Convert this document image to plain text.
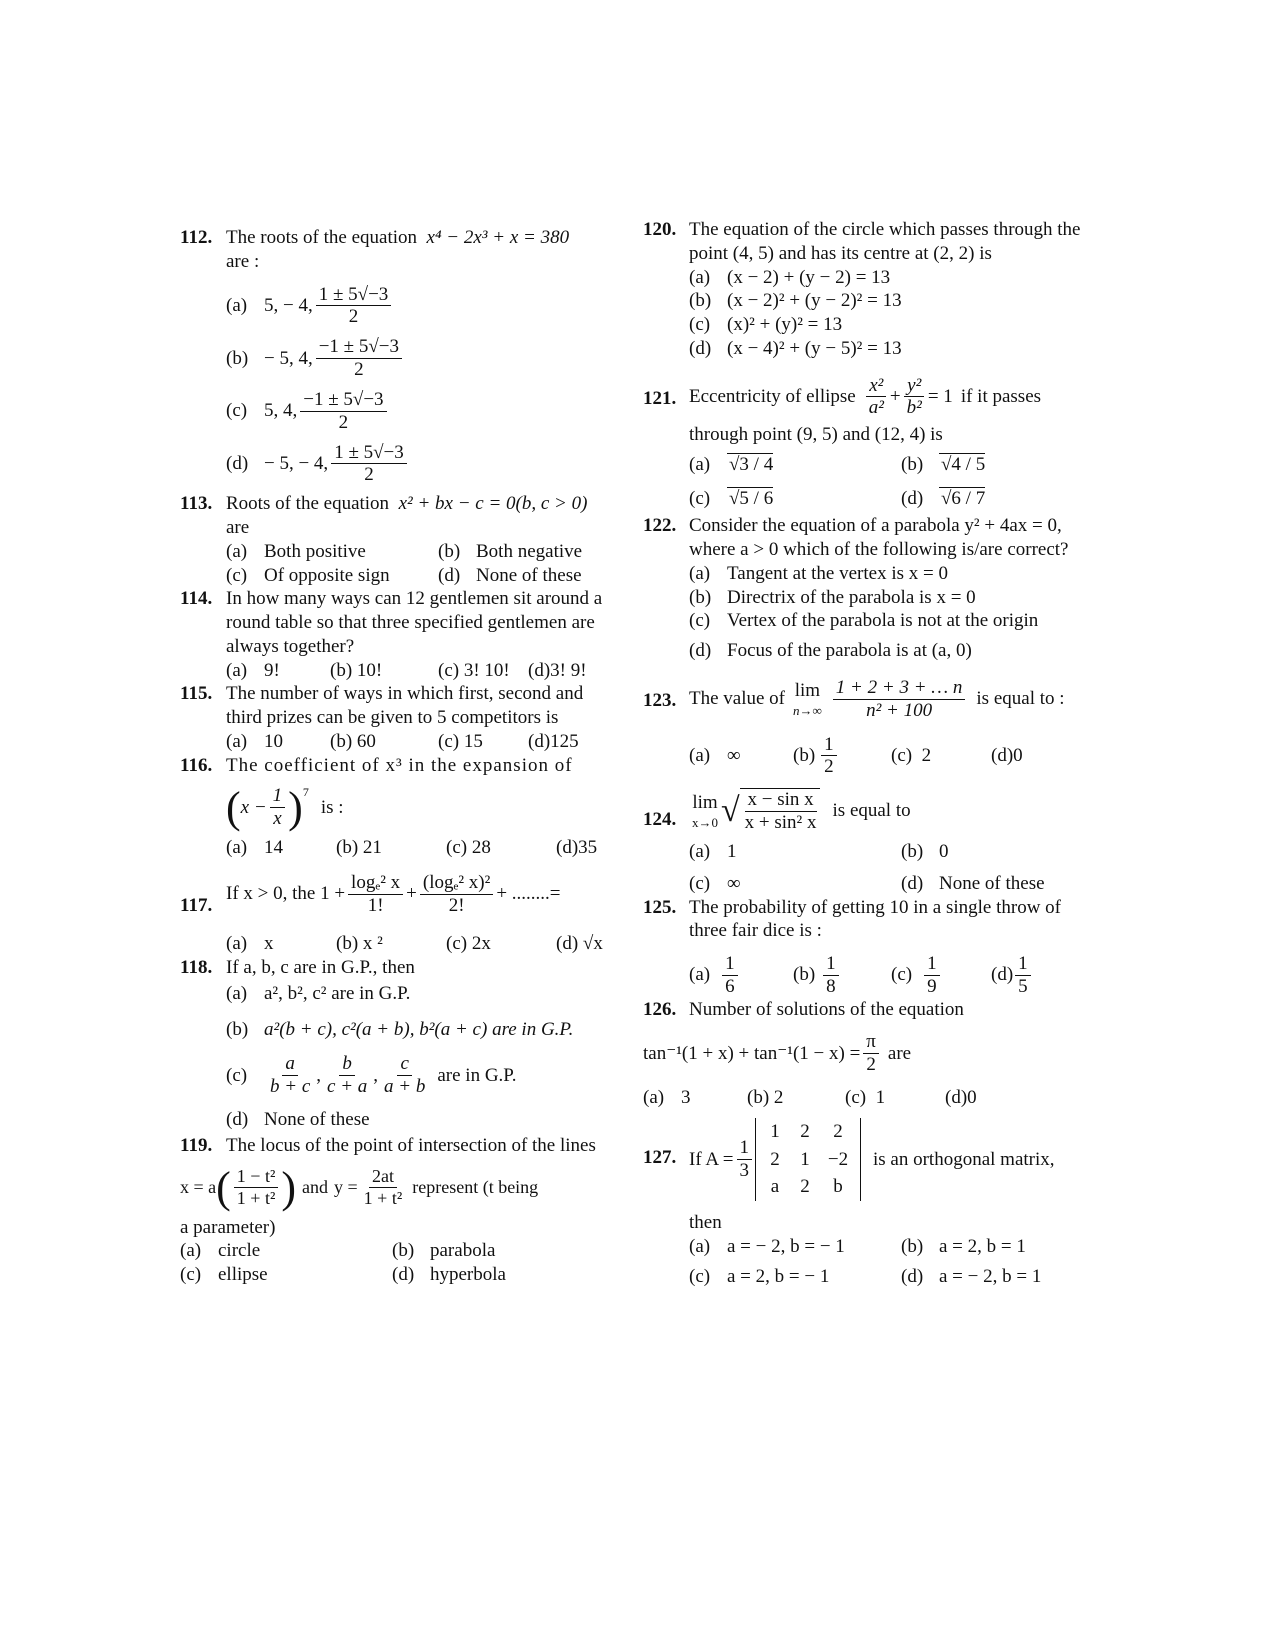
112. The roots of the equation x⁴ − 2x³ + x = 380
are :
(a) 5, − 4, $\frac{1 \pm 5√-3}{2}$
(b) − 5, 4, $\frac{-1 \pm 5√-3}{2}$
(c) 5, 4, $\frac{-1 \pm 5√-3}{2}$
(d) − 5, − 4, $\frac{1 \pm 5√-3}{2}$
113. Roots of the equation x² + bx − c = 0(b, c > 0)
are
(a) Both positive	(b) Both negative
(c) Of opposite sign	(d) None of these
114. In how many ways can 12 gentlemen sit around a round table so that three specified gentlemen are always together?
(a) 9!	(b) 10!	(c) 3! 10! (d)3! 9!
115. The number of ways in which first, second and third prizes can be given to 5 competitors is
(a) 10	(b) 60	(c) 15	(d)125
116. The coefficient of x³ in the expansion of
( $x - \frac{1}{x} )^7$
is :
(a) 14	(b) 21	(c) 28	(d)35
117.
If x > 0, the $1 + \frac{\text{logₑ² x}}{1!} + \frac{\text{(logₑ² x)²}}{2!}$ + ........=
(a) x	(b) x ²	(c) 2x	(d) √x
118. If a, b, c are in G.P., then
(a) a², b², c² are in G.P.
(b) a²(b + c), c²(a + b), b²(a + c) are in G.P.
(c)	$\frac{a}{b + c}$ , $\frac{b}{c + a}$ , $\frac{c}{a + b}$ are in G.P.
(d) None of these
119. The locus of the point of intersection of the lines
x = a ( $\frac{\text{1 − t²}}{\text{1 + t²}}$ ) and $y = \frac{2at}{\text{1 + t²}}$ represent (t being
a parameter)
(a) circle	(b) parabola
(c) ellipse	(d) hyperbola
120. The equation of the circle which passes through the point (4, 5) and has its centre at (2, 2) is
(a) (x − 2) + (y − 2) = 13
(b) (x − 2)² + (y − 2)² = 13
(c) (x)² + (y)² = 13
(d) (x − 4)² + (y − 5)² = 13
121. Eccentricity of ellipse $\frac{\text{x²}}{\text{a²}} + \frac{\text{y²}}{\text{b²}} = 1$ if it passes
through point (9, 5) and (12, 4) is
(a) √3 / 4	(b) √4 / 5
(c) √5 / 6	(d) √6 / 7
122. Consider the equation of a parabola y² + 4ax = 0, where a > 0 which of the following is/are correct?
(a) Tangent at the vertex is x = 0
(b) Directrix of the parabola is x = 0
(c) Vertex of the parabola is not at the origin
(d) Focus of the parabola is at (a, 0)
123. The value of lim
$n\to\infty \frac{1 + 2 + 3 + \dots n}{\text{n² + 100}}$ is equal to :
(a) ∞	$(b) \frac{1}{2}$	(c) 2	(d)0
124.
lim
x→0 √ $\frac{\text{x − sin x}}{\text{x + sin² x}}$ is equal to
(a) 1	(b) 0
(c) ∞	(d) None of these
125. The probability of getting 10 in a single throw of three fair dice is :
$(a) \frac{1}{6}$	$(b) \frac{1}{8}$	$(c) \frac{1}{9}$	$(d) \frac{1}{5}$
126. Number of solutions of the equation
$\tan^{-1}(1 + x) + \tan^{-1}(1 - x) = \frac{\pi}{2}$ are
(a) 3	(b) 2	(c) 1	(d)0
127. If $A = \frac{1}{3}$
1	2	2
2	1 −2
a	2	b
is an orthogonal matrix,
then
(a) a = − 2, b = − 1	(b) a = 2, b = 1
(c) a = 2, b = − 1	(d) a = − 2, b = 1
